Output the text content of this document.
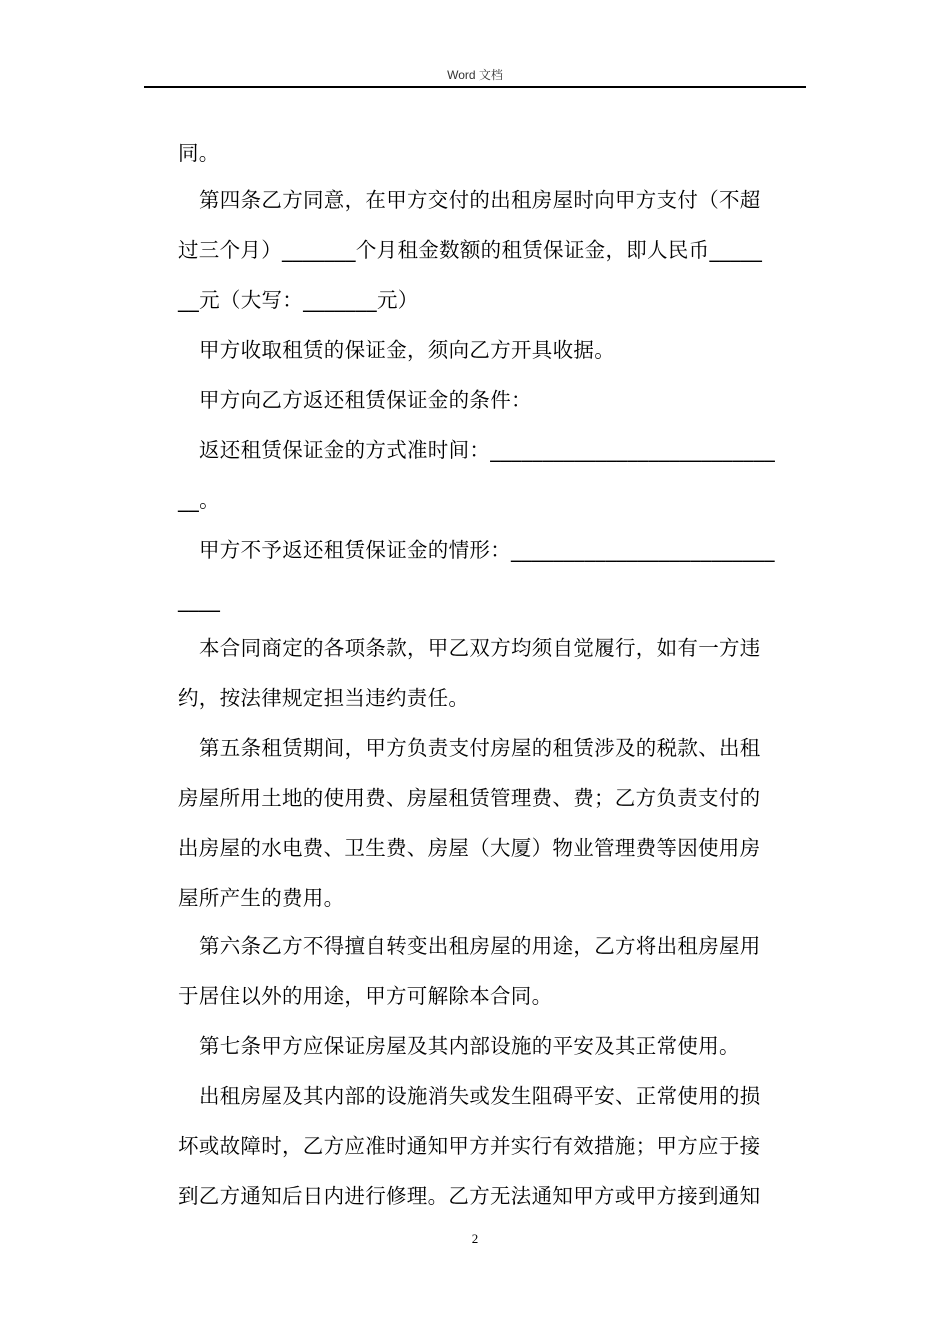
Word 文档
同。
第四条乙方同意，在甲方交付的出租房屋时向甲方支付（不超
过三个月）_______个月租金数额的租赁保证金，即人民币_____
__元（大写：_______元）
甲方收取租赁的保证金，须向乙方开具收据。
甲方向乙方返还租赁保证金的条件：
返还租赁保证金的方式准时间：___________________________
__。
甲方不予返还租赁保证金的情形：_________________________
____
本合同商定的各项条款，甲乙双方均须自觉履行，如有一方违
约，按法律规定担当违约责任。
第五条租赁期间，甲方负责支付房屋的租赁涉及的税款、出租
房屋所用土地的使用费、房屋租赁管理费、费；乙方负责支付的
出房屋的水电费、卫生费、房屋（大厦）物业管理费等因使用房
屋所产生的费用。
第六条乙方不得擅自转变出租房屋的用途，乙方将出租房屋用
于居住以外的用途，甲方可解除本合同。
第七条甲方应保证房屋及其内部设施的平安及其正常使用。
出租房屋及其内部的设施消失或发生阻碍平安、正常使用的损
坏或故障时，乙方应准时通知甲方并实行有效措施；甲方应于接
到乙方通知后日内进行修理。乙方无法通知甲方或甲方接到通知
2
